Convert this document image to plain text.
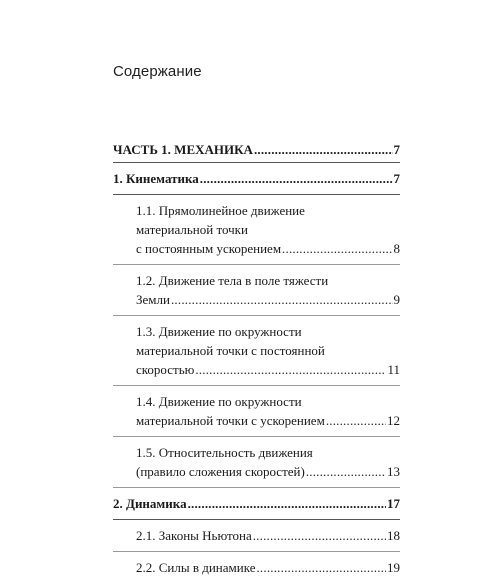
Содержание
ЧАСТЬ 1. МЕХАНИКА .....	7
1. Кинематика .....	7
1.1. Прямолинейное движение
материальной точки
с постоянным ускорением .....	8
1.2. Движение тела в поле тяжести
Земли .....	9
1.3. Движение по окружности
материальной точки с постоянной
скоростью .....	11
1.4. Движение по окружности
материальной точки с ускорением .....	12
1.5. Относительность движения
(правило сложения скоростей) .....	13
2. Динамика .....	17
2.1. Законы Ньютона .....	18
2.2. Силы в динамике .....	19
